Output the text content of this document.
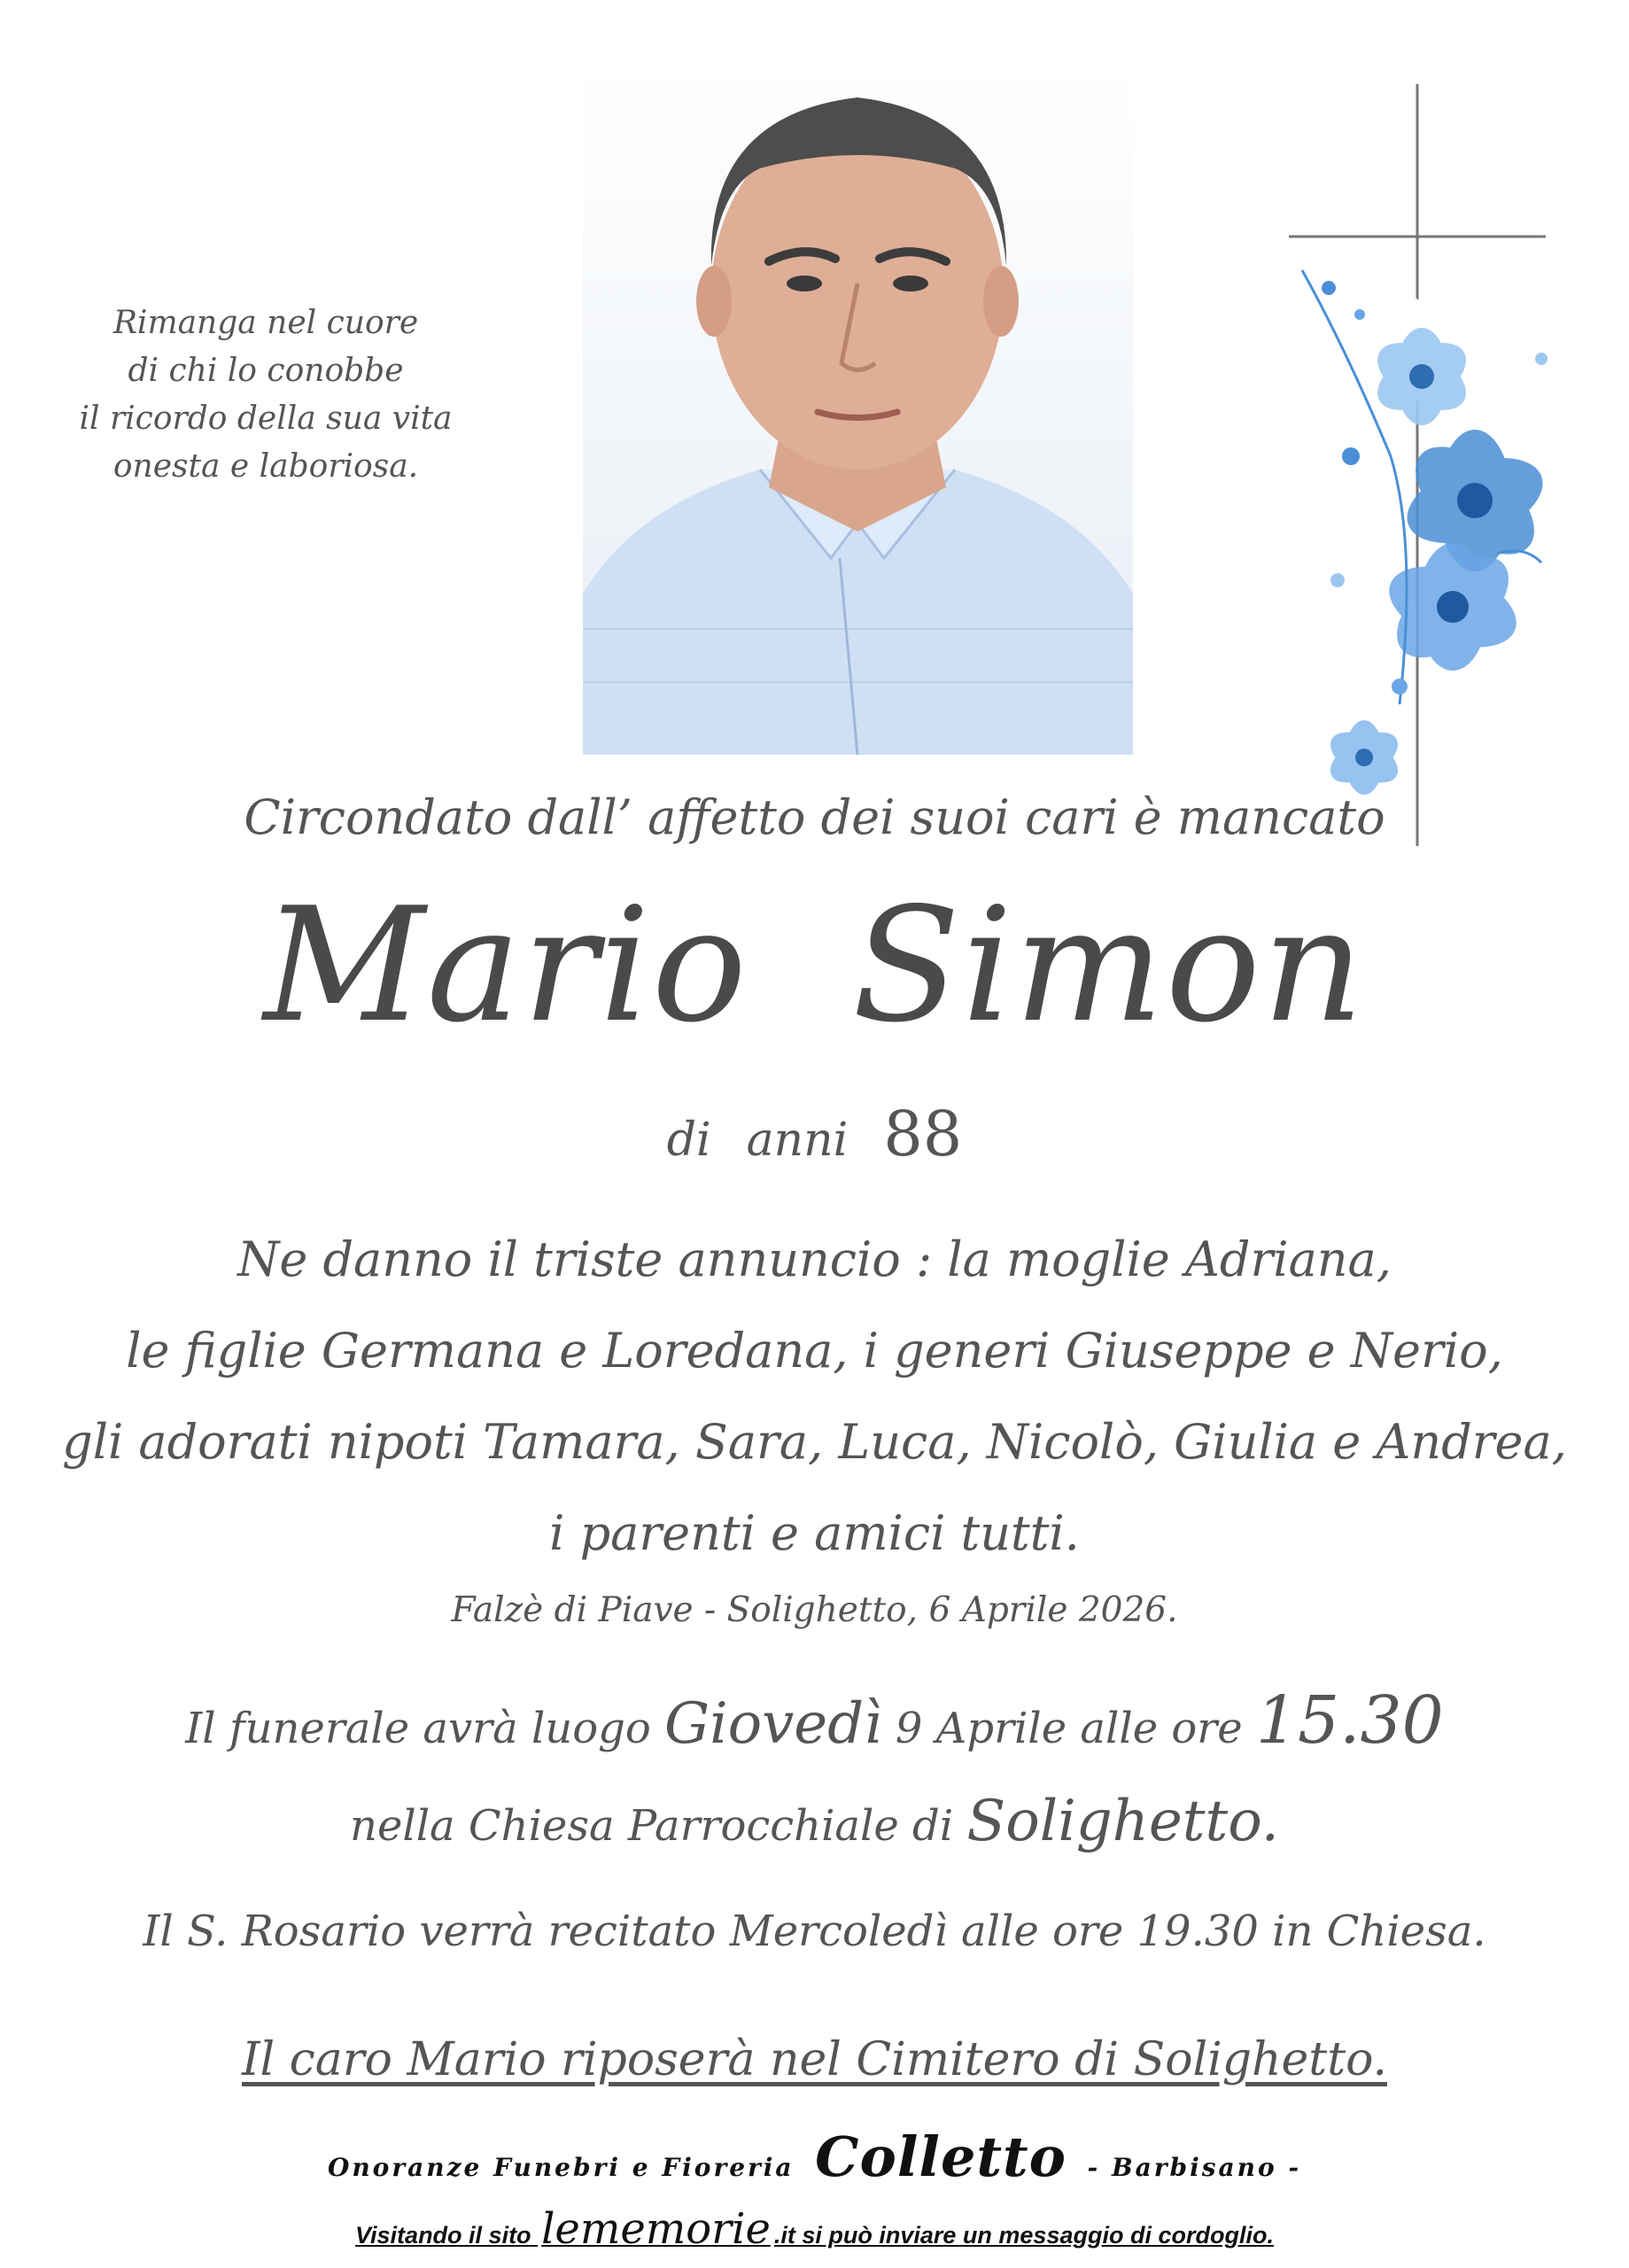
Rimanga nel cuore
di chi lo conobbe
il ricordo della sua vita
onesta e laboriosa.
Circondato dall’ affetto dei suoi cari è mancato
Mario Simon
di anni 88
Ne danno il triste annuncio : la moglie Adriana,
le figlie Germana e Loredana, i generi Giuseppe e Nerio,
gli adorati nipoti Tamara, Sara, Luca, Nicolò, Giulia e Andrea,
i parenti e amici tutti.
Falzè di Piave - Solighetto, 6 Aprile 2026.
Il funerale avrà luogo Giovedì 9 Aprile alle ore 15.30
nella Chiesa Parrocchiale di Solighetto.
Il S. Rosario verrà recitato Mercoledì alle ore 19.30 in Chiesa.
Il caro Mario riposerà nel Cimitero di Solighetto.
Onoranze Funebri e Fioreria Colletto - Barbisano -
Visitando il sito lememorie .it si può inviare un messaggio di cordoglio.
